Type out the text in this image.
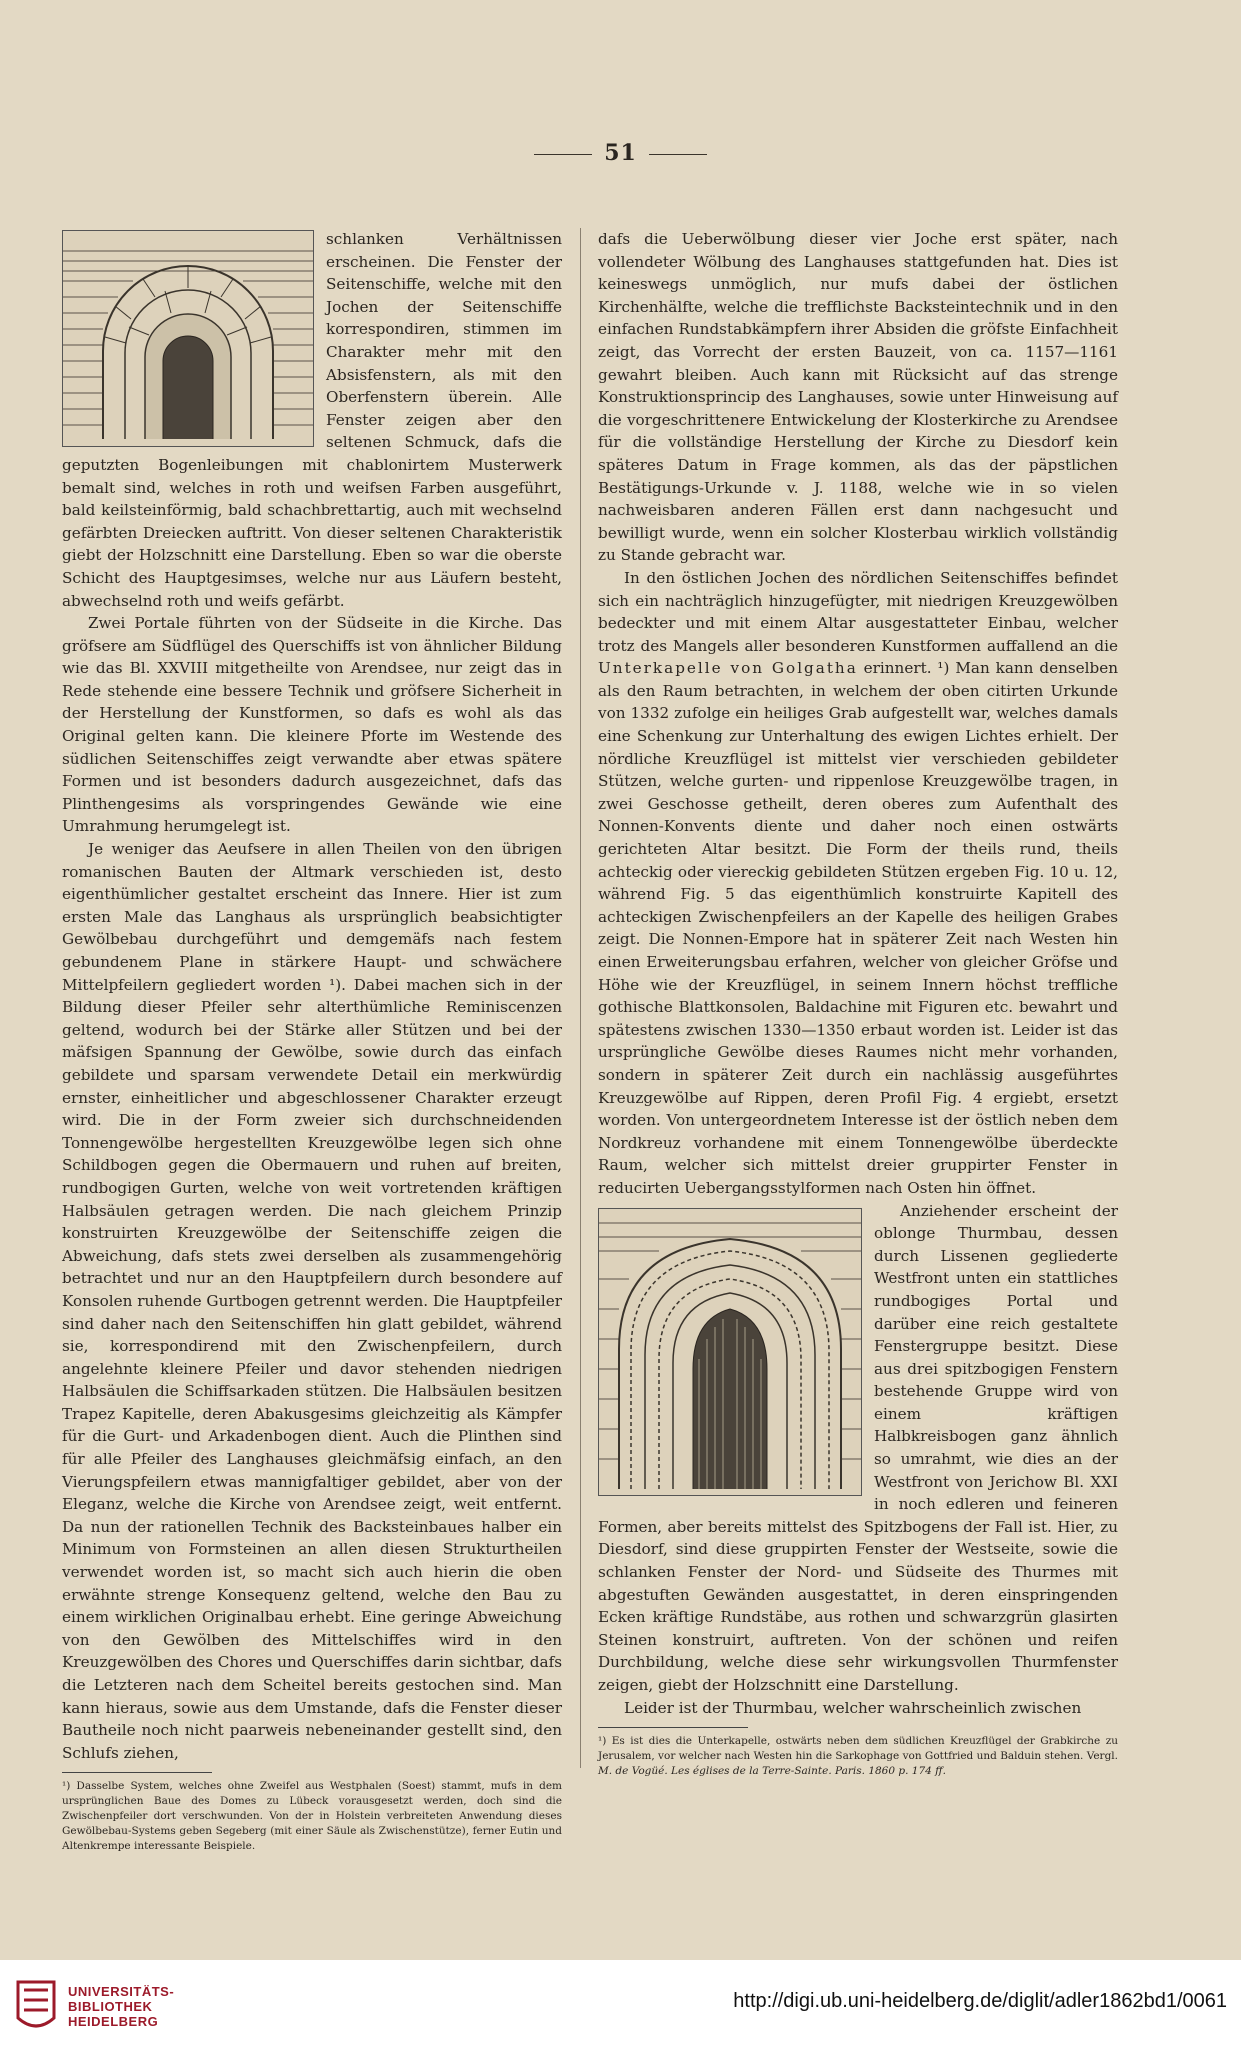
51

schlanken Verhältnissen erscheinen. Die Fenster der Seitenschiffe, welche mit den Jochen der Seitenschiffe korrespondiren, stimmen im Charakter mehr mit den Absisfenstern, als mit den Oberfenstern überein. Alle Fenster zeigen aber den seltenen Schmuck, dafs die geputzten Bogenleibungen mit chablonirtem Musterwerk bemalt sind, welches in roth und weifsen Farben ausgeführt, bald keilsteinförmig, bald schachbrettartig, auch mit wechselnd gefärbten Dreiecken auftritt. Von dieser seltenen Charakteristik giebt der Holzschnitt eine Darstellung. Eben so war die oberste Schicht des Hauptgesimses, welche nur aus Läufern besteht, abwechselnd roth und weifs gefärbt.

Zwei Portale führten von der Südseite in die Kirche. Das gröfsere am Südflügel des Querschiffs ist von ähnlicher Bildung wie das Bl. XXVIII mitgetheilte von Arendsee, nur zeigt das in Rede stehende eine bessere Technik und gröfsere Sicherheit in der Herstellung der Kunstformen, so dafs es wohl als das Original gelten kann. Die kleinere Pforte im Westende des südlichen Seitenschiffes zeigt verwandte aber etwas spätere Formen und ist besonders dadurch ausgezeichnet, dafs das Plinthengesims als vorspringendes Gewände wie eine Umrahmung herumgelegt ist.

Je weniger das Aeufsere in allen Theilen von den übrigen romanischen Bauten der Altmark verschieden ist, desto eigenthümlicher gestaltet erscheint das Innere. Hier ist zum ersten Male das Langhaus als ursprünglich beabsichtigter Gewölbebau durchgeführt und demgemäfs nach festem gebundenem Plane in stärkere Haupt- und schwächere Mittelpfeilern gegliedert worden ¹). Dabei machen sich in der Bildung dieser Pfeiler sehr alterthümliche Reminiscenzen geltend, wodurch bei der Stärke aller Stützen und bei der mäfsigen Spannung der Gewölbe, sowie durch das einfach gebildete und sparsam verwendete Detail ein merkwürdig ernster, einheitlicher und abgeschlossener Charakter erzeugt wird. Die in der Form zweier sich durchschneidenden Tonnengewölbe hergestellten Kreuzgewölbe legen sich ohne Schildbogen gegen die Obermauern und ruhen auf breiten, rundbogigen Gurten, welche von weit vortretenden kräftigen Halbsäulen getragen werden. Die nach gleichem Prinzip konstruirten Kreuzgewölbe der Seitenschiffe zeigen die Abweichung, dafs stets zwei derselben als zusammengehörig betrachtet und nur an den Hauptpfeilern durch besondere auf Konsolen ruhende Gurtbogen getrennt werden. Die Hauptpfeiler sind daher nach den Seitenschiffen hin glatt gebildet, während sie, korrespondirend mit den Zwischenpfeilern, durch angelehnte kleinere Pfeiler und davor stehenden niedrigen Halbsäulen die Schiffsarkaden stützen. Die Halbsäulen besitzen Trapez Kapitelle, deren Abakusgesims gleichzeitig als Kämpfer für die Gurt- und Arkadenbogen dient. Auch die Plinthen sind für alle Pfeiler des Langhauses gleichmäfsig einfach, an den Vierungspfeilern etwas mannigfaltiger gebildet, aber von der Eleganz, welche die Kirche von Arendsee zeigt, weit entfernt. Da nun der rationellen Technik des Backsteinbaues halber ein Minimum von Formsteinen an allen diesen Strukturtheilen verwendet worden ist, so macht sich auch hierin die oben erwähnte strenge Konsequenz geltend, welche den Bau zu einem wirklichen Originalbau erhebt. Eine geringe Abweichung von den Gewölben des Mittelschiffes wird in den Kreuzgewölben des Chores und Querschiffes darin sichtbar, dafs die Letzteren nach dem Scheitel bereits gestochen sind. Man kann hieraus, sowie aus dem Umstande, dafs die Fenster dieser Bautheile noch nicht paarweis nebeneinander gestellt sind, den Schlufs ziehen,

¹) Dasselbe System, welches ohne Zweifel aus Westphalen (Soest) stammt, mufs in dem ursprünglichen Baue des Domes zu Lübeck vorausgesetzt werden, doch sind die Zwischenpfeiler dort verschwunden. Von der in Holstein verbreiteten Anwendung dieses Gewölbebau-Systems geben Segeberg (mit einer Säule als Zwischenstütze), ferner Eutin und Altenkrempe interessante Beispiele.

dafs die Ueberwölbung dieser vier Joche erst später, nach vollendeter Wölbung des Langhauses stattgefunden hat. Dies ist keineswegs unmöglich, nur mufs dabei der östlichen Kirchenhälfte, welche die trefflichste Backsteintechnik und in den einfachen Rundstabkämpfern ihrer Absiden die gröfste Einfachheit zeigt, das Vorrecht der ersten Bauzeit, von ca. 1157—1161 gewahrt bleiben. Auch kann mit Rücksicht auf das strenge Konstruktionsprincip des Langhauses, sowie unter Hinweisung auf die vorgeschrittenere Entwickelung der Klosterkirche zu Arendsee für die vollständige Herstellung der Kirche zu Diesdorf kein späteres Datum in Frage kommen, als das der päpstlichen Bestätigungs-Urkunde v. J. 1188, welche wie in so vielen nachweisbaren anderen Fällen erst dann nachgesucht und bewilligt wurde, wenn ein solcher Klosterbau wirklich vollständig zu Stande gebracht war.

In den östlichen Jochen des nördlichen Seitenschiffes befindet sich ein nachträglich hinzugefügter, mit niedrigen Kreuzgewölben bedeckter und mit einem Altar ausgestatteter Einbau, welcher trotz des Mangels aller besonderen Kunstformen auffallend an die Unterkapelle von Golgatha erinnert. ¹) Man kann denselben als den Raum betrachten, in welchem der oben citirten Urkunde von 1332 zufolge ein heiliges Grab aufgestellt war, welches damals eine Schenkung zur Unterhaltung des ewigen Lichtes erhielt. Der nördliche Kreuzflügel ist mittelst vier verschieden gebildeter Stützen, welche gurten- und rippenlose Kreuzgewölbe tragen, in zwei Geschosse getheilt, deren oberes zum Aufenthalt des Nonnen-Konvents diente und daher noch einen ostwärts gerichteten Altar besitzt. Die Form der theils rund, theils achteckig oder viereckig gebildeten Stützen ergeben Fig. 10 u. 12, während Fig. 5 das eigenthümlich konstruirte Kapitell des achteckigen Zwischenpfeilers an der Kapelle des heiligen Grabes zeigt. Die Nonnen-Empore hat in späterer Zeit nach Westen hin einen Erweiterungsbau erfahren, welcher von gleicher Gröfse und Höhe wie der Kreuzflügel, in seinem Innern höchst treffliche gothische Blattkonsolen, Baldachine mit Figuren etc. bewahrt und spätestens zwischen 1330—1350 erbaut worden ist. Leider ist das ursprüngliche Gewölbe dieses Raumes nicht mehr vorhanden, sondern in späterer Zeit durch ein nachlässig ausgeführtes Kreuzgewölbe auf Rippen, deren Profil Fig. 4 ergiebt, ersetzt worden. Von untergeordnetem Interesse ist der östlich neben dem Nordkreuz vorhandene mit einem Tonnengewölbe überdeckte Raum, welcher sich mittelst dreier gruppirter Fenster in reducirten Uebergangsstylformen nach Osten hin öffnet.

Anziehender erscheint der oblonge Thurmbau, dessen durch Lissenen gegliederte Westfront unten ein stattliches rundbogiges Portal und darüber eine reich gestaltete Fenstergruppe besitzt. Diese aus drei spitzbogigen Fenstern bestehende Gruppe wird von einem kräftigen Halbkreisbogen ganz ähnlich so umrahmt, wie dies an der Westfront von Jerichow Bl. XXI in noch edleren und feineren Formen, aber bereits mittelst des Spitzbogens der Fall ist. Hier, zu Diesdorf, sind diese gruppirten Fenster der Westseite, sowie die schlanken Fenster der Nord- und Südseite des Thurmes mit abgestuften Gewänden ausgestattet, in deren einspringenden Ecken kräftige Rundstäbe, aus rothen und schwarzgrün glasirten Steinen konstruirt, auftreten. Von der schönen und reifen Durchbildung, welche diese sehr wirkungsvollen Thurmfenster zeigen, giebt der Holzschnitt eine Darstellung.

Leider ist der Thurmbau, welcher wahrscheinlich zwischen

¹) Es ist dies die Unterkapelle, ostwärts neben dem südlichen Kreuzflügel der Grabkirche zu Jerusalem, vor welcher nach Westen hin die Sarkophage von Gottfried und Balduin stehen. Vergl. M. de Vogüé. Les églises de la Terre-Sainte. Paris. 1860 p. 174 ff.

UNIVERSITÄTS-
BIBLIOTHEK
HEIDELBERG
http://digi.ub.uni-heidelberg.de/diglit/adler1862bd1/0061
